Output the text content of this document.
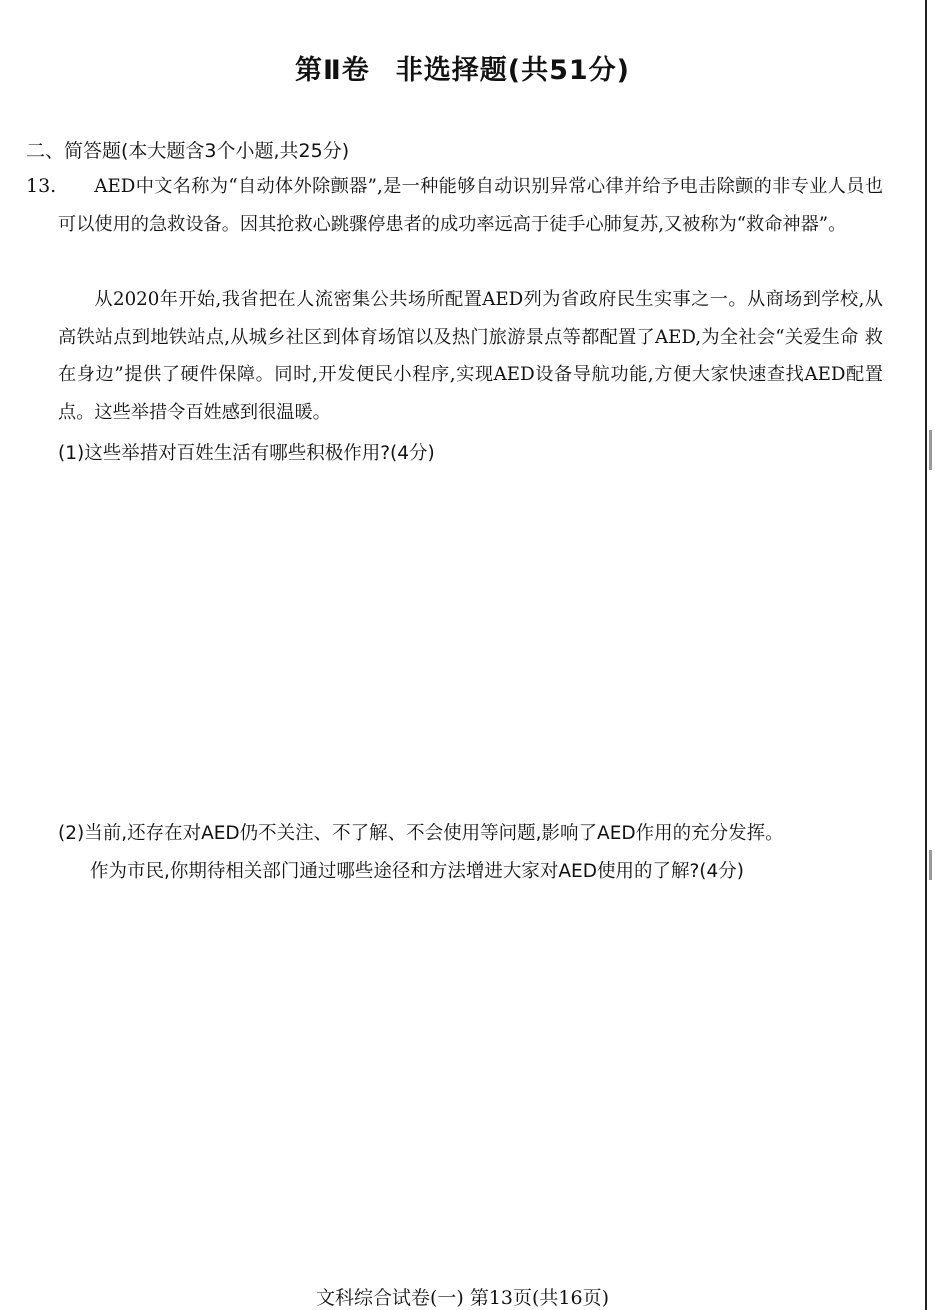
第Ⅱ卷 非选择题(共51分)
二、简答题(本大题含3个小题,共25分)
13.	AED中文名称为“自动体外除颤器”,是一种能够自动识别异常心律并给予电击除颤的非专业人员也可以使用的急救设备。因其抢救心跳骤停患者的成功率远高于徒手心肺复苏,又被称为“救命神器”。
从2020年开始,我省把在人流密集公共场所配置AED列为省政府民生实事之一。从商场到学校,从高铁站点到地铁站点,从城乡社区到体育场馆以及热门旅游景点等都配置了AED,为全社会“关爱生命 救在身边”提供了硬件保障。同时,开发便民小程序,实现AED设备导航功能,方便大家快速查找AED配置点。这些举措令百姓感到很温暖。
(1)这些举措对百姓生活有哪些积极作用?(4分)
(2)当前,还存在对AED仍不关注、不了解、不会使用等问题,影响了AED作用的充分发挥。
作为市民,你期待相关部门通过哪些途径和方法增进大家对AED使用的了解?(4分)
文科综合试卷(一) 第13页(共16页)
